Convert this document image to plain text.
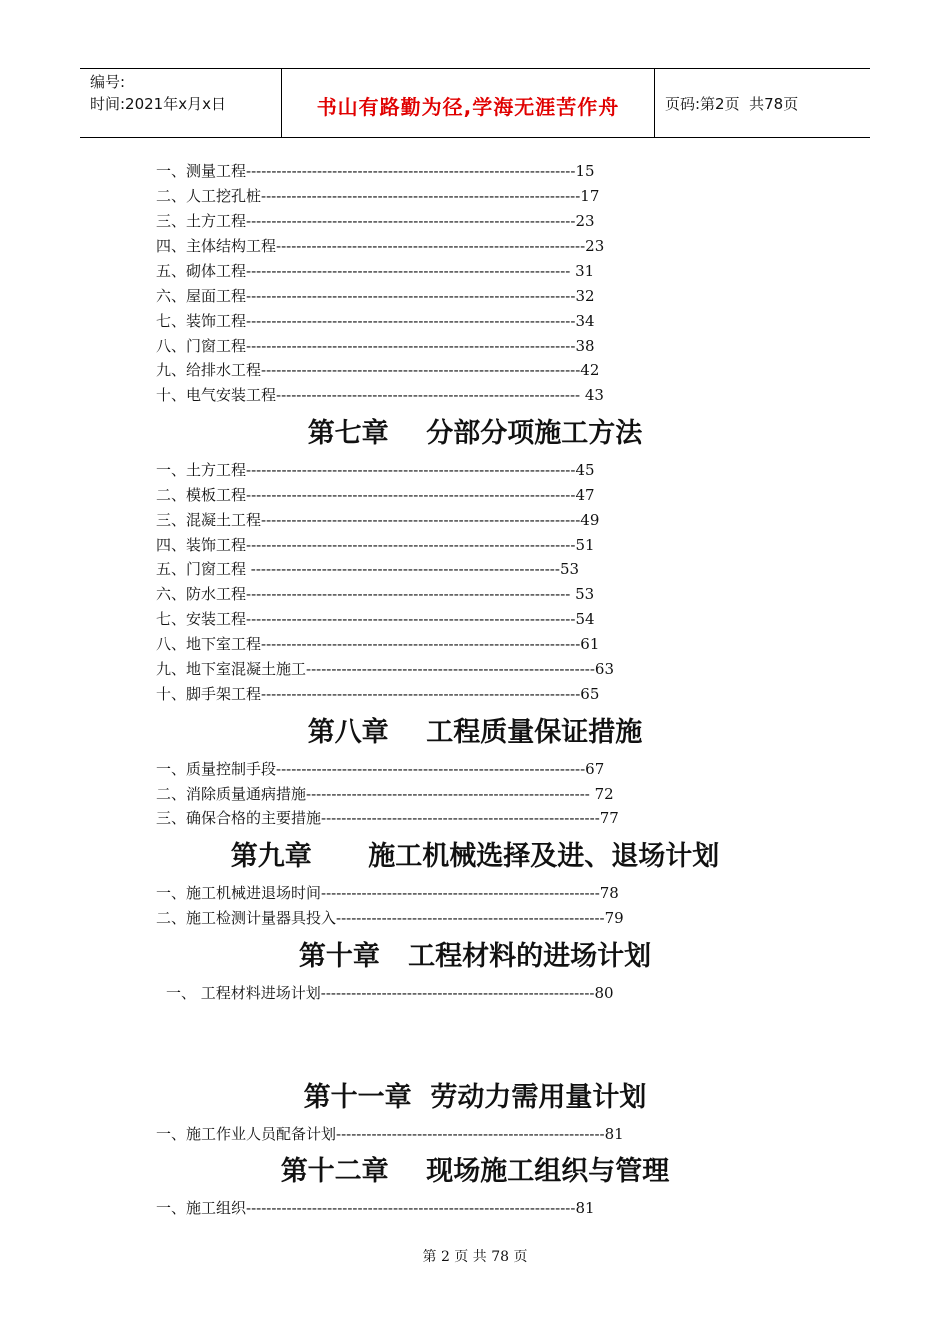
编号:
时间:2021年x月x日	书山有路勤为径,学海无涯苦作舟	页码:第2页  共78页
一、测量工程-----------------------------------------------------------------15
二、人工挖孔桩---------------------------------------------------------------17
三、土方工程-----------------------------------------------------------------23
四、主体结构工程-------------------------------------------------------------23
五、砌体工程---------------------------------------------------------------- 31
六、屋面工程-----------------------------------------------------------------32
七、装饰工程-----------------------------------------------------------------34
八、门窗工程-----------------------------------------------------------------38
九、给排水工程---------------------------------------------------------------42
十、电气安装工程------------------------------------------------------------ 43
第七章    分部分项施工方法
一、土方工程-----------------------------------------------------------------45
二、模板工程-----------------------------------------------------------------47
三、混凝土工程---------------------------------------------------------------49
四、装饰工程-----------------------------------------------------------------51
五、门窗工程 -------------------------------------------------------------53
六、防水工程---------------------------------------------------------------- 53
七、安装工程-----------------------------------------------------------------54
八、地下室工程---------------------------------------------------------------61
九、地下室混凝土施工---------------------------------------------------------63
十、脚手架工程---------------------------------------------------------------65
第八章    工程质量保证措施
一、质量控制手段-------------------------------------------------------------67
二、消除质量通病措施-------------------------------------------------------- 72
三、确保合格的主要措施-------------------------------------------------------77
第九章      施工机械选择及进、退场计划
一、施工机械进退场时间-------------------------------------------------------78
二、施工检测计量器具投入-----------------------------------------------------79
第十章   工程材料的进场计划
一、 工程材料进场计划------------------------------------------------------80
第十一章  劳动力需用量计划
一、施工作业人员配备计划-----------------------------------------------------81
第十二章    现场施工组织与管理
一、施工组织-----------------------------------------------------------------81
第 2 页 共 78 页
